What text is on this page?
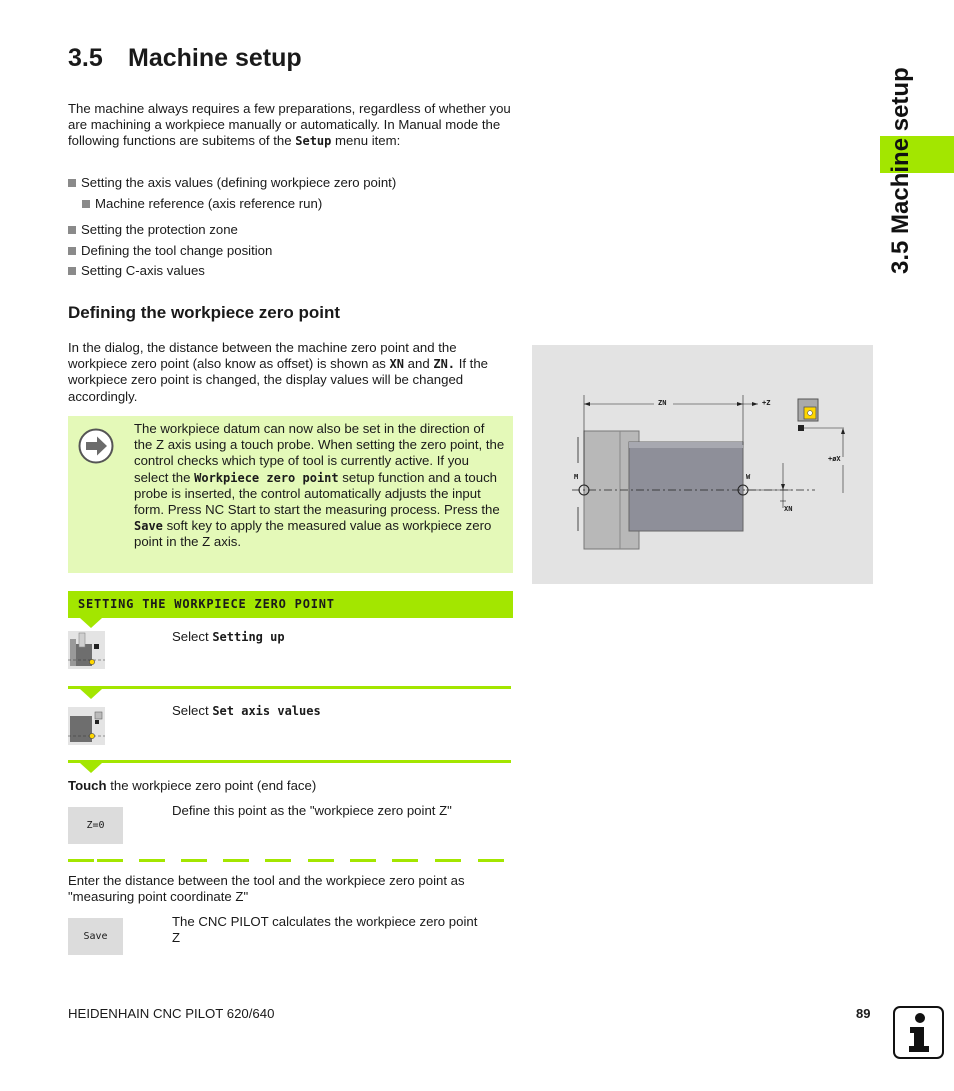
3.5 Machine setup

The machine always requires a few preparations, regardless of whether you are machining a workpiece manually or automatically. In Manual mode the following functions are subitems of the Setup menu item:

Setting the axis values (defining workpiece zero point)
Machine reference (axis reference run)
Setting the protection zone
Defining the tool change position
Setting C-axis values
Defining the workpiece zero point

In the dialog, the distance between the machine zero point and the workpiece zero point (also know as offset) is shown as XN and ZN. If the workpiece zero point is changed, the display values will be changed accordingly.

The workpiece datum can now also be set in the direction of the Z axis using a touch probe. When setting the zero point, the control checks which type of tool is currently active. If you select the Workpiece zero point setup function and a touch probe is inserted, the control automatically adjusts the input form. Press NC Start to start the measuring process. Press the Save soft key to apply the measured value as workpiece zero point in the Z axis.

ZN	+Z
+øX
M	W
XN
SETTING THE WORKPIECE ZERO POINT
Select Setting up
Select Set axis values
Touch the workpiece zero point (end face)
Z=0
Define this point as the "workpiece zero point Z"

Enter the distance between the tool and the workpiece zero point as "measuring point coordinate Z"

Save
The CNC PILOT calculates the workpiece zero point Z
3.5 Machine setup
HEIDENHAIN CNC PILOT 620/640	89
